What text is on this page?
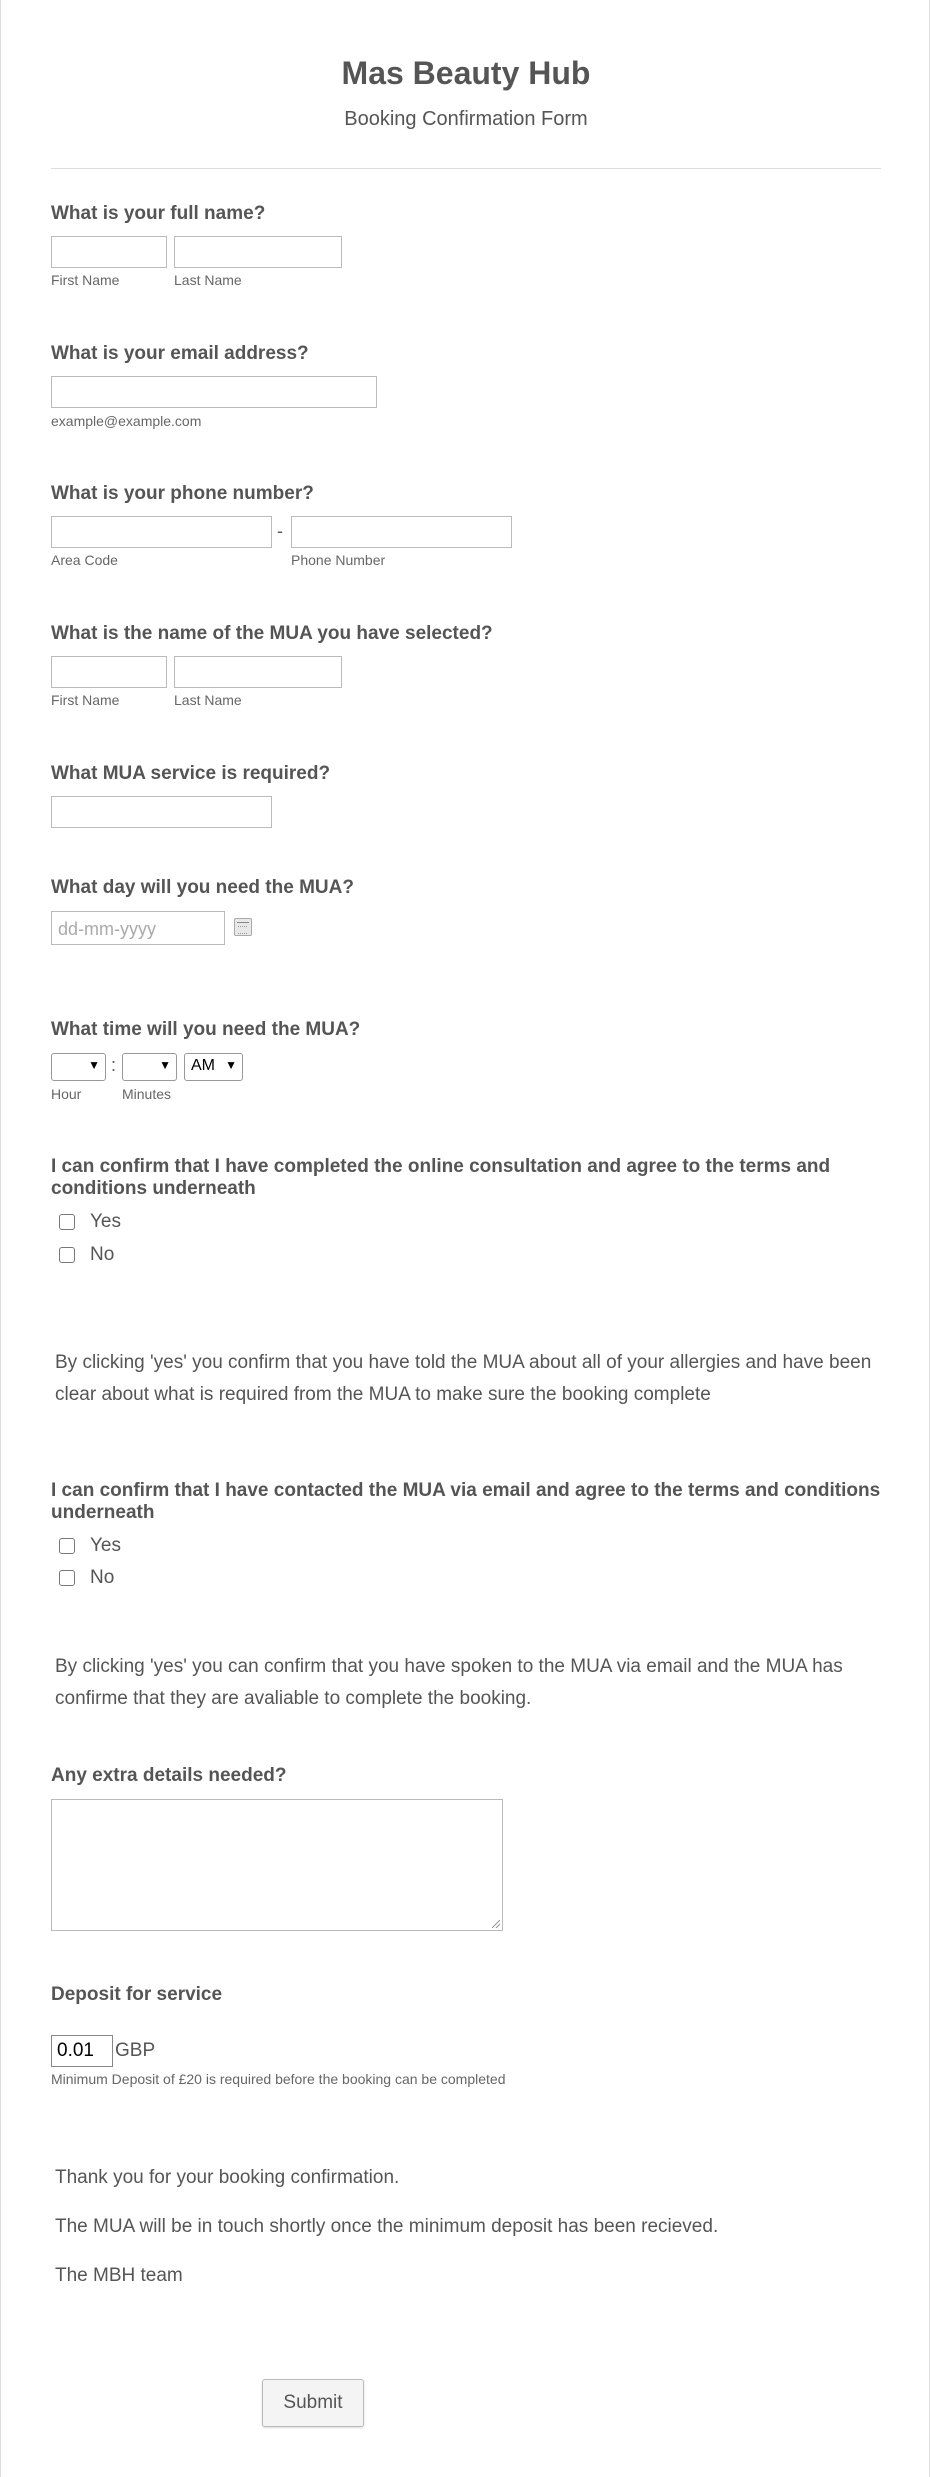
Mas Beauty Hub
Booking Confirmation Form
What is your full name?
First Name	Last Name
What is your email address?
example@example.com
What is your phone number?
-
Area Code	Phone Number
What is the name of the MUA you have selected?
First Name	Last Name
What MUA service is required?
What day will you need the MUA?
dd-mm-yyyy
What time will you need the MUA?
▼ :	▼ AM ▼
Hour	Minutes
I can confirm that I have completed the online consultation and agree to the terms and conditions underneath
Yes
No
By clicking 'yes' you confirm that you have told the MUA about all of your allergies and have been clear about what is required from the MUA to make sure the booking complete
I can confirm that I have contacted the MUA via email and agree to the terms and conditions underneath
Yes
No
By clicking 'yes' you can confirm that you have spoken to the MUA via email and the MUA has confirme that they are avaliable to complete the booking.
Any extra details needed?
Deposit for service
0.01	GBP
Minimum Deposit of £20 is required before the booking can be completed
Thank you for your booking confirmation.
The MUA will be in touch shortly once the minimum deposit has been recieved.
The MBH team
Submit
